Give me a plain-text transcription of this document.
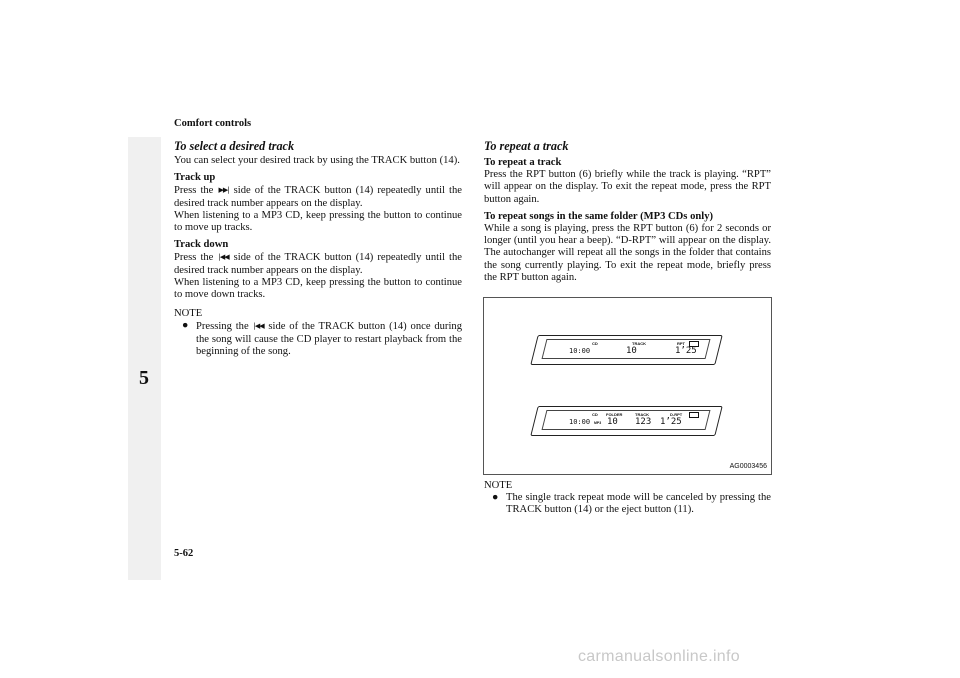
Comfort controls
5
5-62
carmanualsonline.info
To select a desired track

You can select your desired track by using the TRACK button (14).

Track up

Press the ▶▶| side of the TRACK button (14) repeatedly until the desired track number appears on the display.

When listening to a MP3 CD, keep pressing the button to continue to move up tracks.

Track down

Press the |◀◀ side of the TRACK button (14) repeatedly until the desired track number appears on the display.

When listening to a MP3 CD, keep pressing the button to continue to move down tracks.

NOTE
● Pressing the |◀◀ side of the TRACK button (14) once during the song will cause the CD player to restart playback from the beginning of the song.
To repeat a track
To repeat a track

Press the RPT button (6) briefly while the track is playing. “RPT” will appear on the display. To exit the repeat mode, press the RPT button again.

To repeat songs in the same folder (MP3 CDs only)

While a song is playing, press the RPT button (6) for 2 seconds or longer (until you hear a beep). “D-RPT” will appear on the display. The autochanger will repeat all the songs in the folder that contains the song currently playing. To exit the repeat mode, briefly press the RPT button again.

CD	TRACK	RPT
10:00	10	1’25
CD FOLDER	TRACK	D-RPT
10:00 MP3 10 123 1’25
AG0003456
NOTE
● The single track repeat mode will be canceled by pressing the TRACK button (14) or the eject button (11).
